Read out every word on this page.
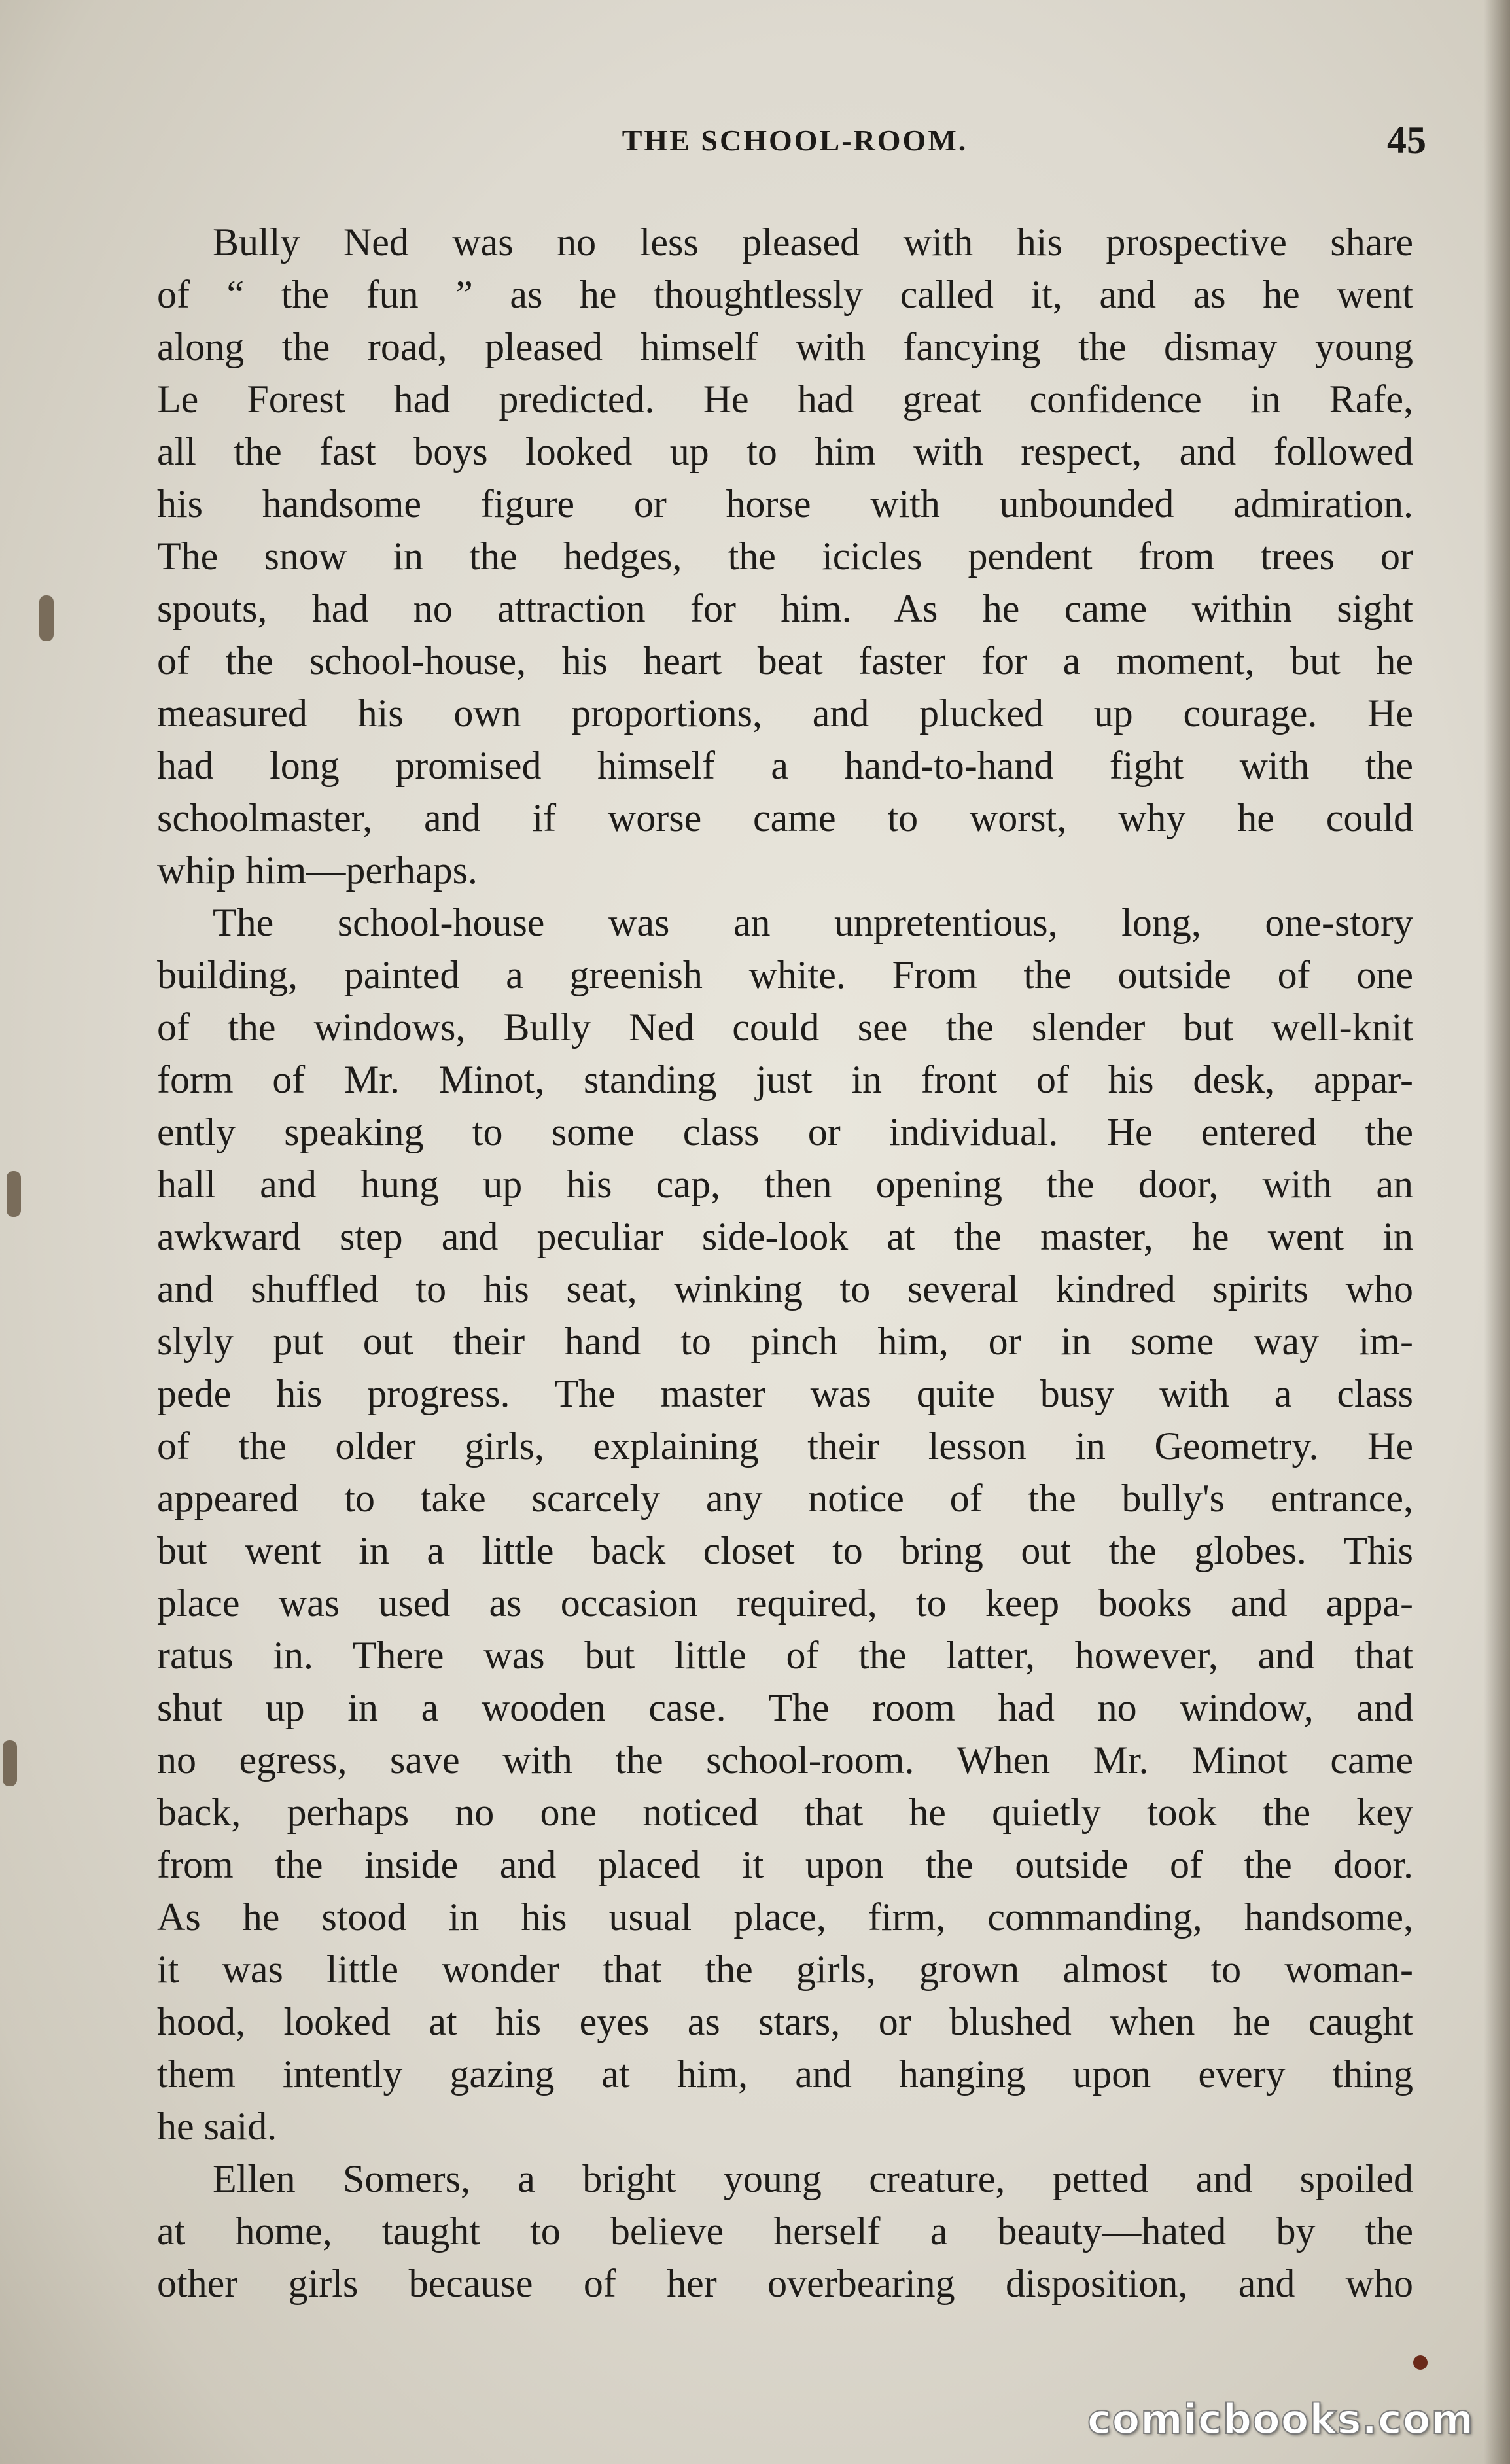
THE SCHOOL-ROOM.	45
Bully Ned was no less pleased with his prospective share
of “ the fun ” as he thoughtlessly called it, and as he went
along the road, pleased himself with fancying the dismay young
Le Forest had predicted. He had great confidence in Rafe,
all the fast boys looked up to him with respect, and followed
his handsome figure or horse with unbounded admiration.
The snow in the hedges, the icicles pendent from trees or
spouts, had no attraction for him. As he came within sight
of the school-house, his heart beat faster for a moment, but he
measured his own proportions, and plucked up courage. He
had long promised himself a hand-to-hand fight with the
schoolmaster, and if worse came to worst, why he could
whip him—perhaps.
The school-house was an unpretentious, long, one-story
building, painted a greenish white. From the outside of one
of the windows, Bully Ned could see the slender but well-knit
form of Mr. Minot, standing just in front of his desk, appar-
ently speaking to some class or individual. He entered the
hall and hung up his cap, then opening the door, with an
awkward step and peculiar side-look at the master, he went in
and shuffled to his seat, winking to several kindred spirits who
slyly put out their hand to pinch him, or in some way im-
pede his progress. The master was quite busy with a class
of the older girls, explaining their lesson in Geometry. He
appeared to take scarcely any notice of the bully's entrance,
but went in a little back closet to bring out the globes. This
place was used as occasion required, to keep books and appa-
ratus in. There was but little of the latter, however, and that
shut up in a wooden case. The room had no window, and
no egress, save with the school-room. When Mr. Minot came
back, perhaps no one noticed that he quietly took the key
from the inside and placed it upon the outside of the door.
As he stood in his usual place, firm, commanding, handsome,
it was little wonder that the girls, grown almost to woman-
hood, looked at his eyes as stars, or blushed when he caught
them intently gazing at him, and hanging upon every thing
he said.
Ellen Somers, a bright young creature, petted and spoiled
at home, taught to believe herself a beauty—hated by the
other girls because of her overbearing disposition, and who
comicbooks.com
